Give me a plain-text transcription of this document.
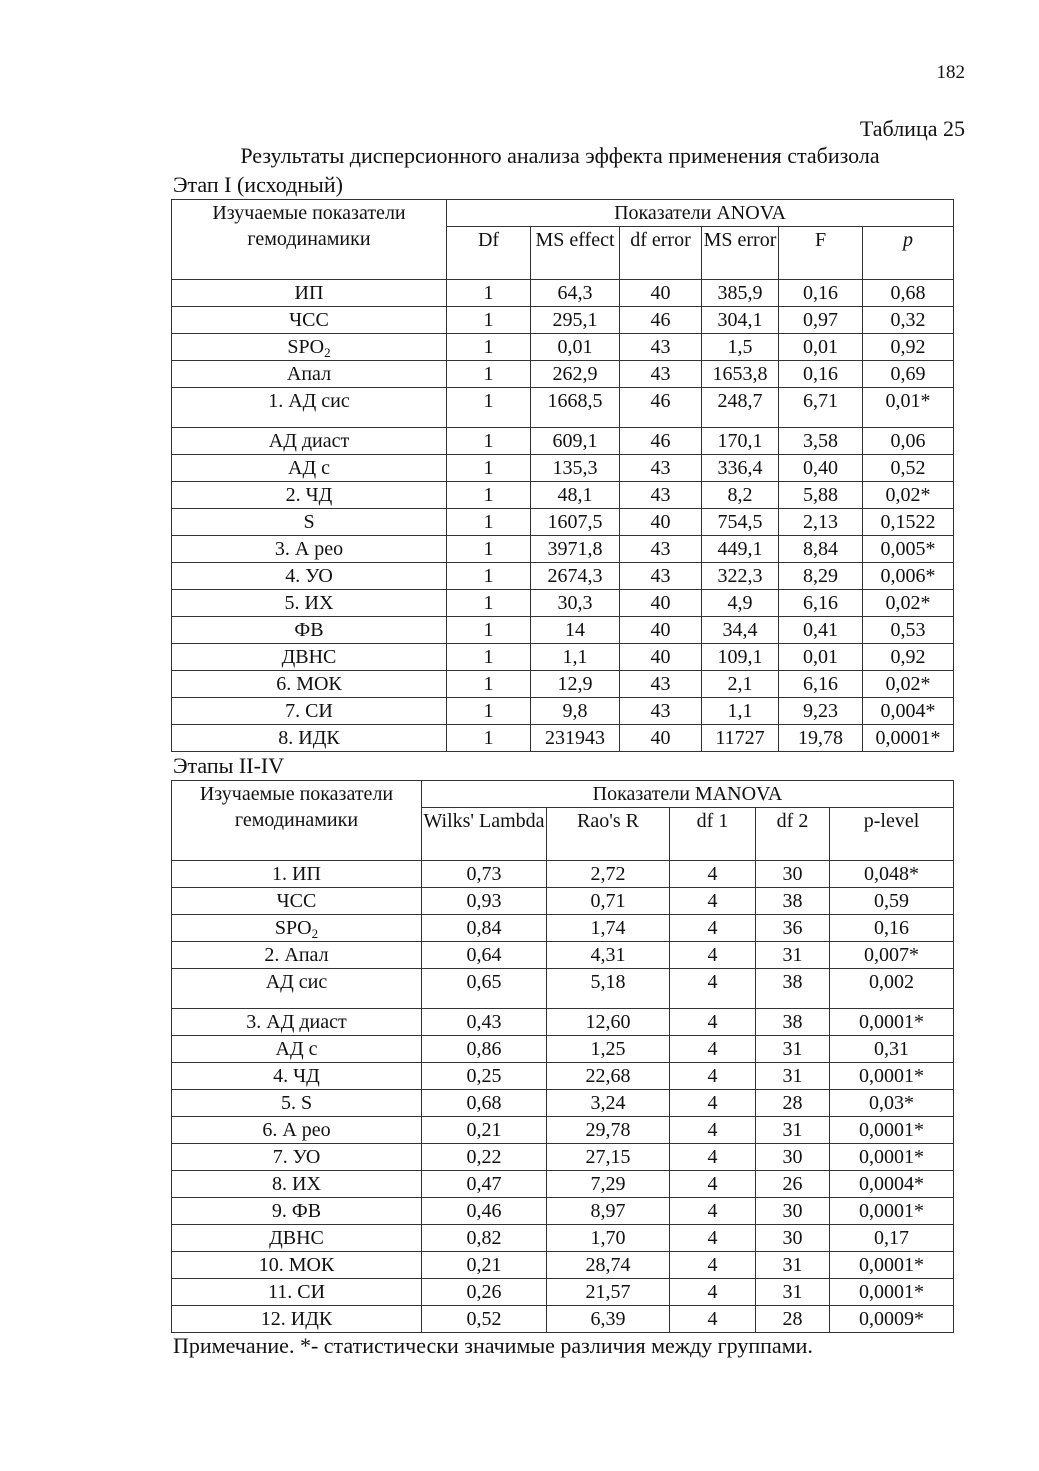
182
Таблица 25
Результаты дисперсионного анализа эффекта применения стабизола
Этап I (исходный)
Изучаемые показатели гемодинамики	Показатели ANOVA					
	Df	MS effect	df error	MS error	F	p
ИП	1	64,3	40	385,9	0,16	0,68
ЧСС	1	295,1	46	304,1	0,97	0,32
$SPO_2$	1	0,01	43	1,5	0,01	0,92
Апал	1	262,9	43	1653,8	0,16	0,69
1. АД сис	1	1668,5	46	248,7	6,71	0,01*
АД диаст	1	609,1	46	170,1	3,58	0,06
АД с	1	135,3	43	336,4	0,40	0,52
2. ЧД	1	48,1	43	8,2	5,88	0,02*
S	1	1607,5	40	754,5	2,13	0,1522
3. А рео	1	3971,8	43	449,1	8,84	0,005*
4. УО	1	2674,3	43	322,3	8,29	0,006*
5. ИХ	1	30,3	40	4,9	6,16	0,02*
ФВ	1	14	40	34,4	0,41	0,53
ДВНС	1	1,1	40	109,1	0,01	0,92
6. МОК	1	12,9	43	2,1	6,16	0,02*
7. СИ	1	9,8	43	1,1	9,23	0,004*
8. ИДК	1	231943	40	11727	19,78	0,0001*
Этапы II-IV
Изучаемые показатели гемодинамики	Показатели MANOVA				
	Wilks' Lambda	Rao's R	df 1	df 2	p-level
1. ИП	0,73	2,72	4	30	0,048*
ЧСС	0,93	0,71	4	38	0,59
$SPO_2$	0,84	1,74	4	36	0,16
2. Апал	0,64	4,31	4	31	0,007*
АД сис	0,65	5,18	4	38	0,002
3. АД диаст	0,43	12,60	4	38	0,0001*
АД с	0,86	1,25	4	31	0,31
4. ЧД	0,25	22,68	4	31	0,0001*
5. S	0,68	3,24	4	28	0,03*
6. А рео	0,21	29,78	4	31	0,0001*
7. УО	0,22	27,15	4	30	0,0001*
8. ИХ	0,47	7,29	4	26	0,0004*
9. ФВ	0,46	8,97	4	30	0,0001*
ДВНС	0,82	1,70	4	30	0,17
10. МОК	0,21	28,74	4	31	0,0001*
11. СИ	0,26	21,57	4	31	0,0001*
12. ИДК	0,52	6,39	4	28	0,0009*
Примечание. *- статистически значимые различия между группами.
